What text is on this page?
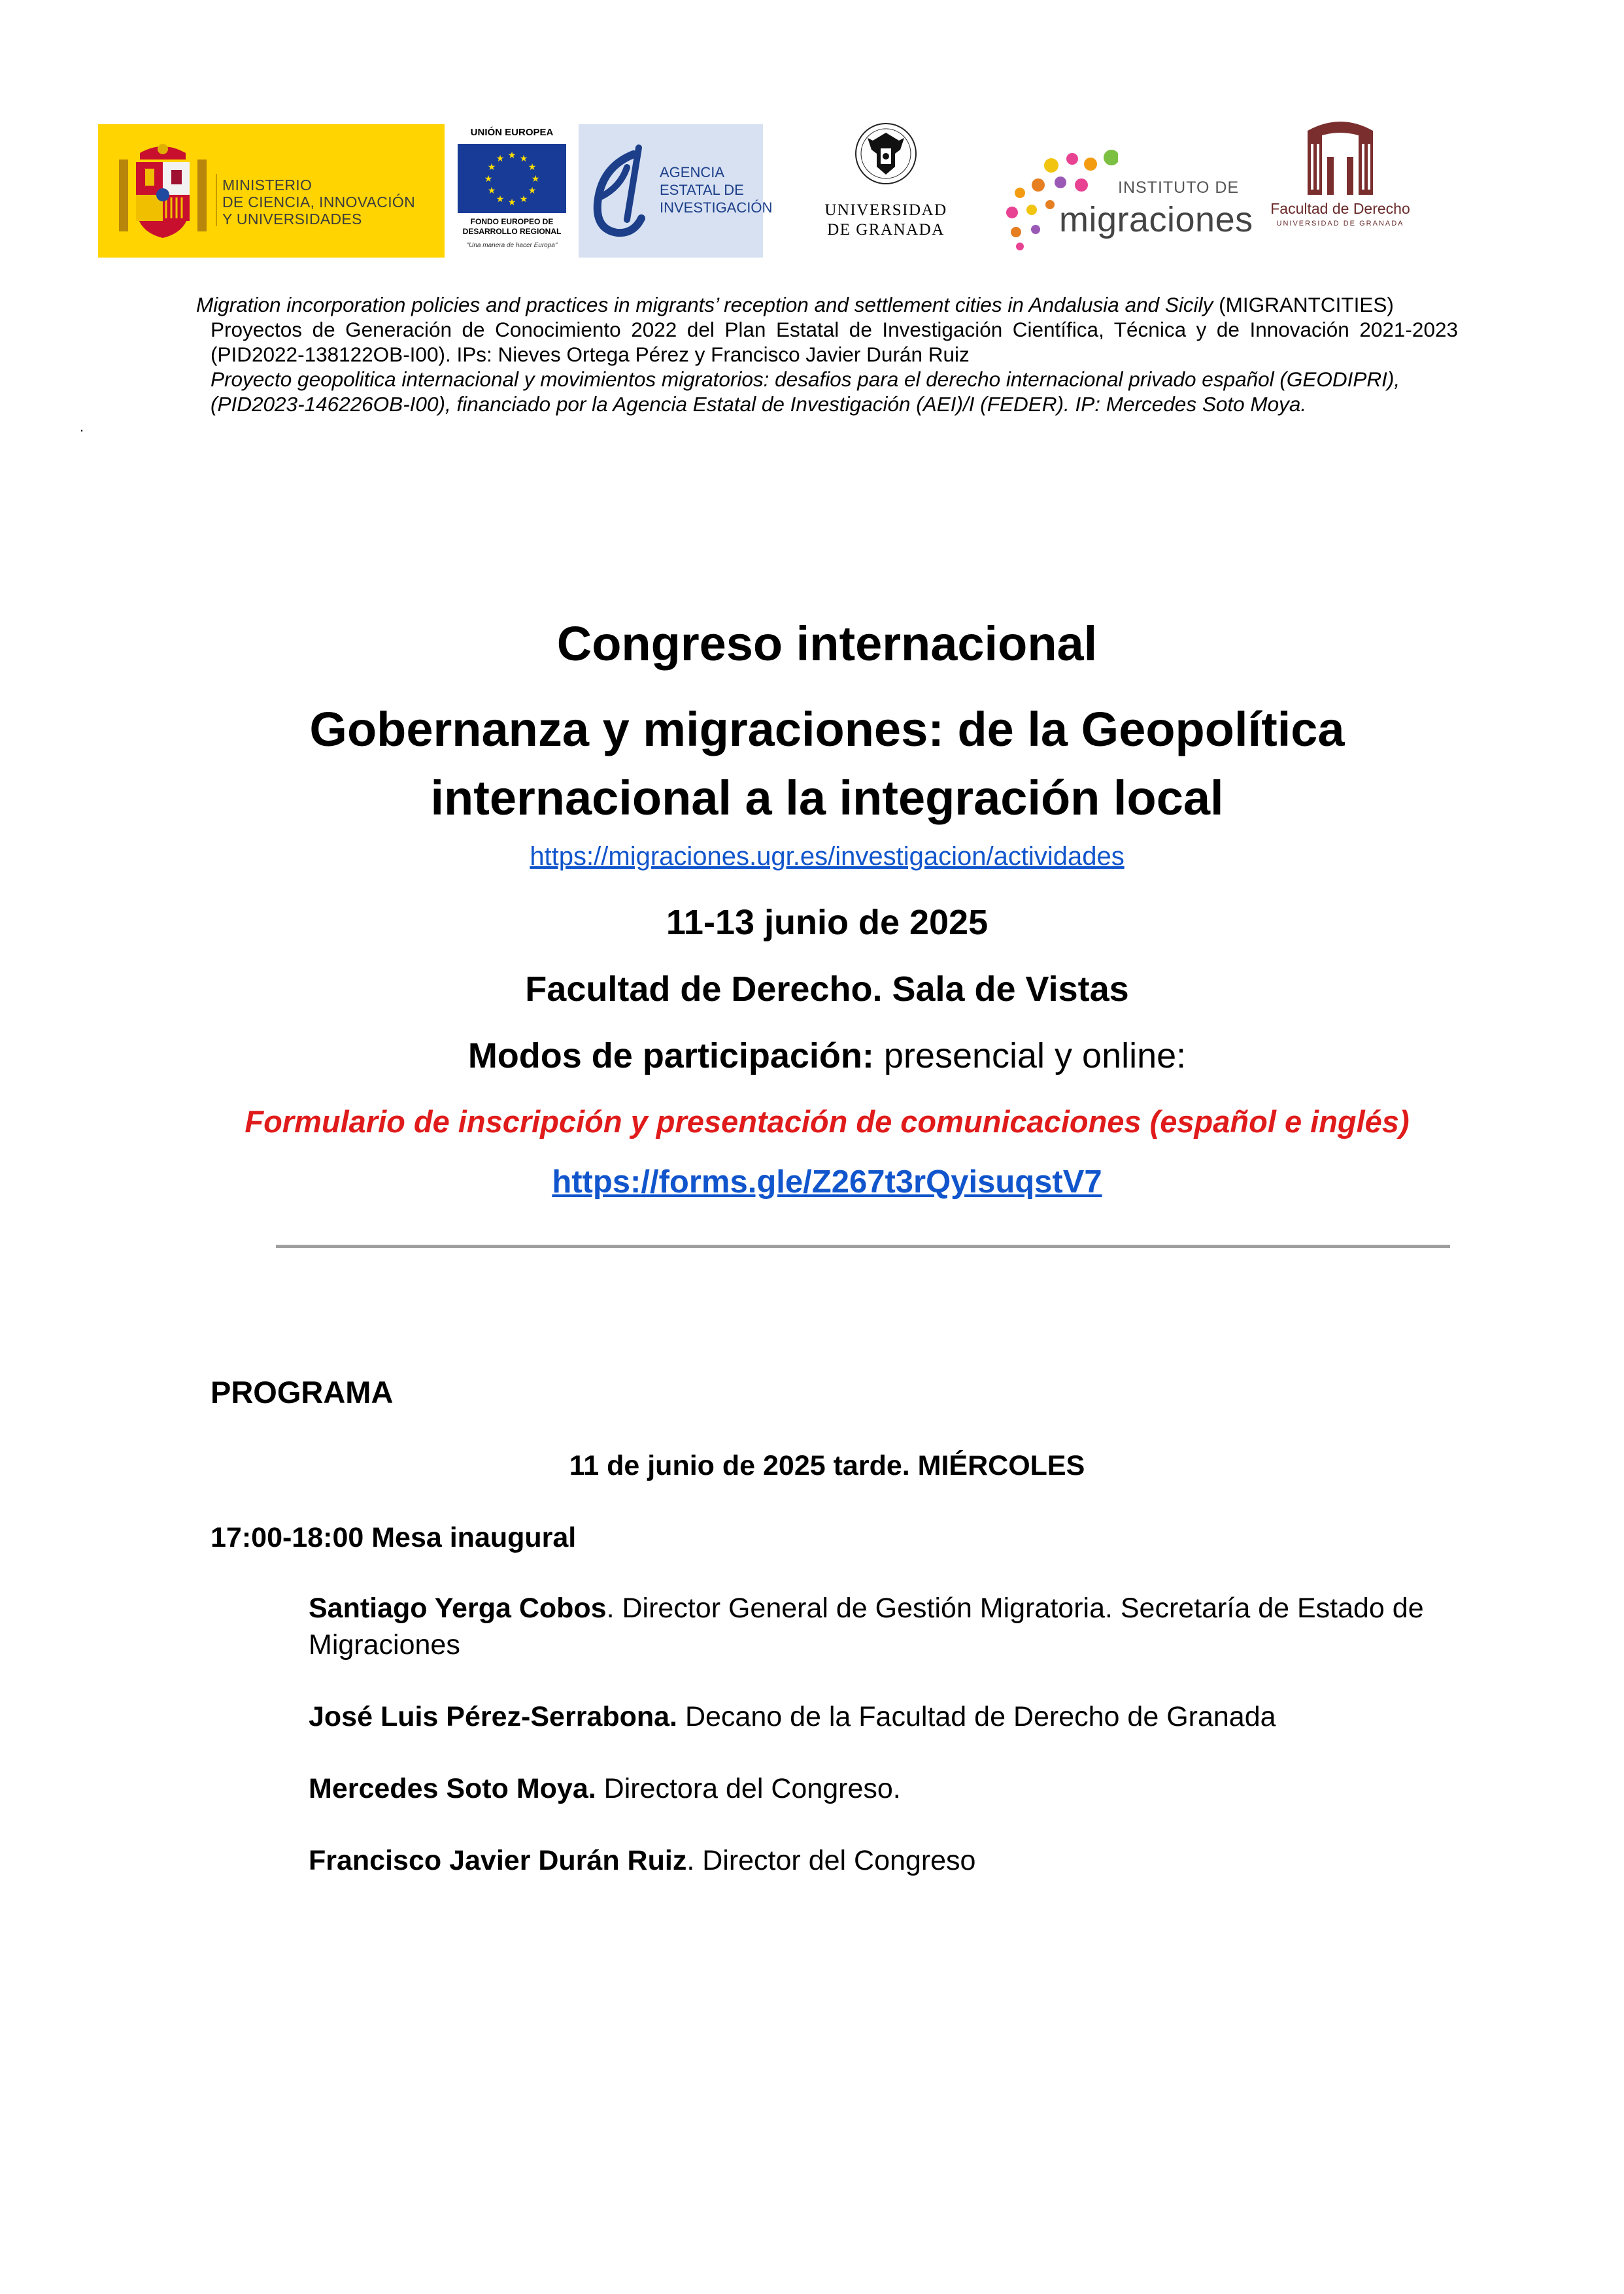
MINISTERIO
DE CIENCIA, INNOVACIÓN
Y UNIVERSIDADES
UNIÓN EUROPEA
★ ★
★
★
★
★
★
★
★
★
★
★
FONDO EUROPEO DE
DESARROLLO REGIONAL
"Una manera de hacer Europa"
AGENCIA
ESTATAL DE
INVESTIGACIÓN	UNIVERSIDAD
DE GRANADA
INSTITUTO DE
migraciones Facultad de Derecho
UNIVERSIDAD DE GRANADA

Migration incorporation policies and practices in migrants’ reception and settlement cities in Andalusia and Sicily (MIGRANTCITIES)

Proyectos de Generación de Conocimiento 2022 del Plan Estatal de Investigación Científica, Técnica y de Innovación 2021-2023 (PID2022-138122OB-I00). IPs: Nieves Ortega Pérez y Francisco Javier Durán Ruiz

Proyecto geopolitica internacional y movimientos migratorios: desafios para el derecho internacional privado español (GEODIPRI), (PID2023-146226OB-I00), financiado por la Agencia Estatal de Investigación (AEI)/I (FEDER). IP: Mercedes Soto Moya.

.
Congreso internacional
Gobernanza y migraciones: de la Geopolítica
internacional a la integración local
https://migraciones.ugr.es/investigacion/actividades
11-13 junio de 2025
Facultad de Derecho. Sala de Vistas
Modos de participación: presencial y online:
Formulario de inscripción y presentación de comunicaciones (español e inglés)
https://forms.gle/Z267t3rQyisuqstV7
PROGRAMA
11 de junio de 2025 tarde. MIÉRCOLES
17:00-18:00 Mesa inaugural

Santiago Yerga Cobos. Director General de Gestión Migratoria. Secretaría de Estado de Migraciones

José Luis Pérez-Serrabona. Decano de la Facultad de Derecho de Granada

Mercedes Soto Moya. Directora del Congreso.

Francisco Javier Durán Ruiz. Director del Congreso
